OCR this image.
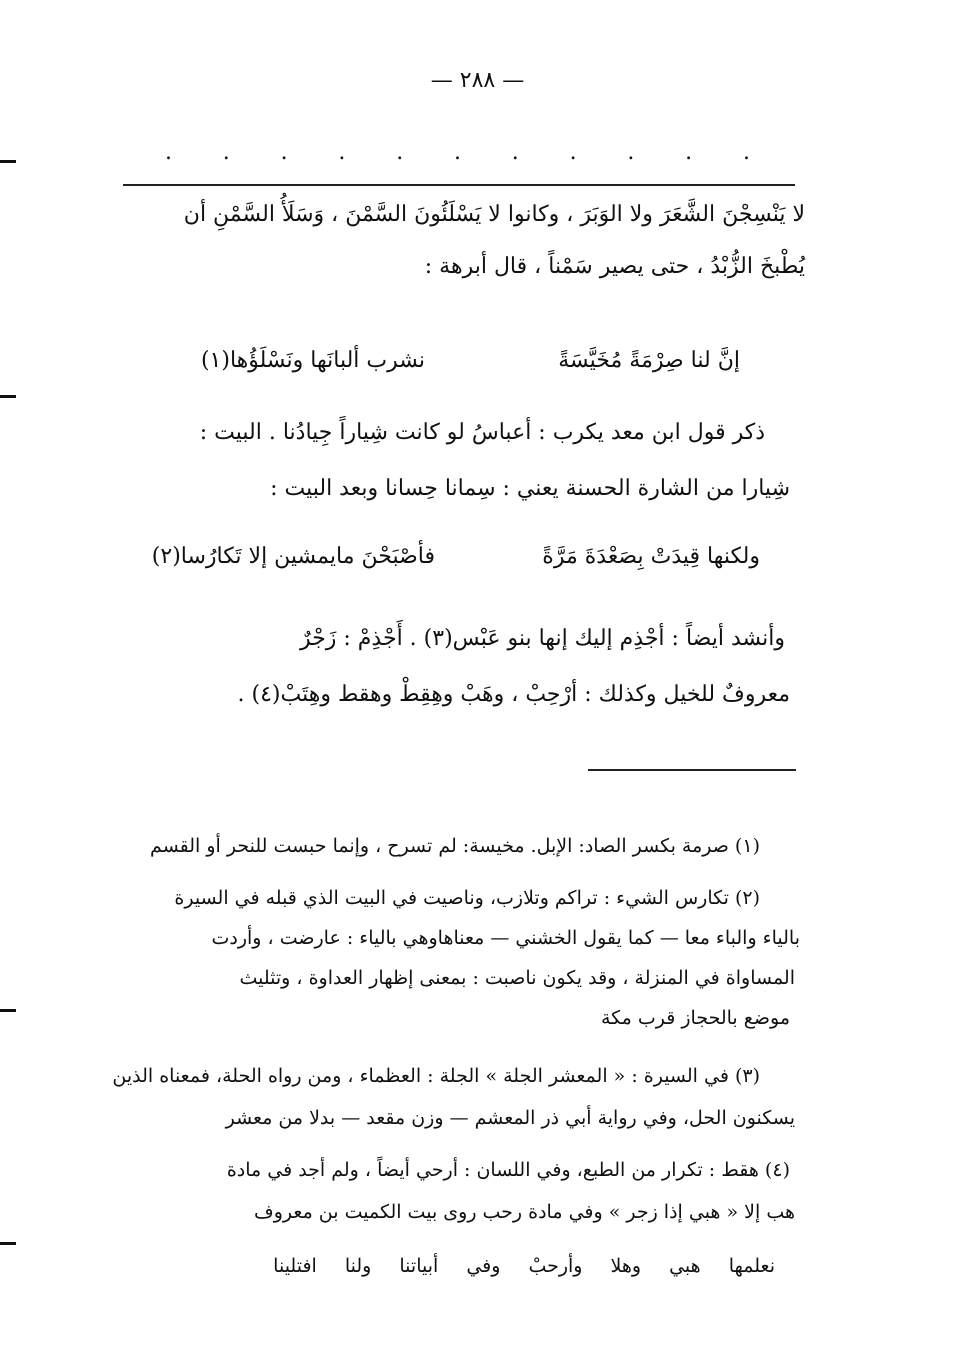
— ٢٨٨ —
. . . . . . . . . . .
لا يَنْسِجْنَ الشَّعَرَ ولا الوَبَرَ ، وكانوا لا يَسْلَئُونَ السَّمْنَ ، وَسَلَأُ السَّمْنِ أن
يُطْبخَ الزُّبْدُ ، حتى يصير سَمْناً ، قال أبرهة :
إنَّ لنا صِرْمَةً مُخَيَّسَةً
نشرب ألبانَها ونَسْلَؤُها(١)
ذكر قول ابن معد يكرب : أعباسُ لو كانت شِياراً جِيادُنا . البيت :
شِيارا من الشارة الحسنة يعني : سِمانا حِسانا وبعد البيت :
ولكنها قِيدَتْ بِصَعْدَةَ مَرَّةً
فأصْبَحْنَ مايمشين إلا تَكارُسا(٢)
وأنشد أيضاً : أجْذِم إليك إنها بنو عَبْس(٣) . أَجْذِمْ : زَجْرٌ
معروفٌ للخيل وكذلك : أرْحِبْ ، وهَبْ وهِقِطْ وهقط وهِتَبْ(٤) .
(١) صرمة بكسر الصاد: الإبل. مخيسة: لم تسرح ، وإنما حبست للنحر أو القسم
(٢) تكارس الشيء : تراكم وتلازب، وناصيت في البيت الذي قبله في السيرة
بالياء والباء معا — كما يقول الخشني — معناهاوهي بالياء : عارضت ، وأردت
المساواة في المنزلة ، وقد يكون ناصبت : بمعنى إظهار العداوة ، وتثليث
موضع بالحجاز قرب مكة
(٣) في السيرة : « المعشر الجلة » الجلة : العظماء ، ومن رواه الحلة، فمعناه الذين
يسكنون الحل، وفي رواية أبي ذر المعشم — وزن مقعد — بدلا من معشر
(٤) هقط : تكرار من الطبع، وفي اللسان : أرحي أيضاً ، ولم أجد في مادة
هب إلا « هبي إذا زجر » وفي مادة رحب روى بيت الكميت بن معروف
نعلمها هبي وهلا وأرحبْ وفي أبياتنا ولنا افتلينا
